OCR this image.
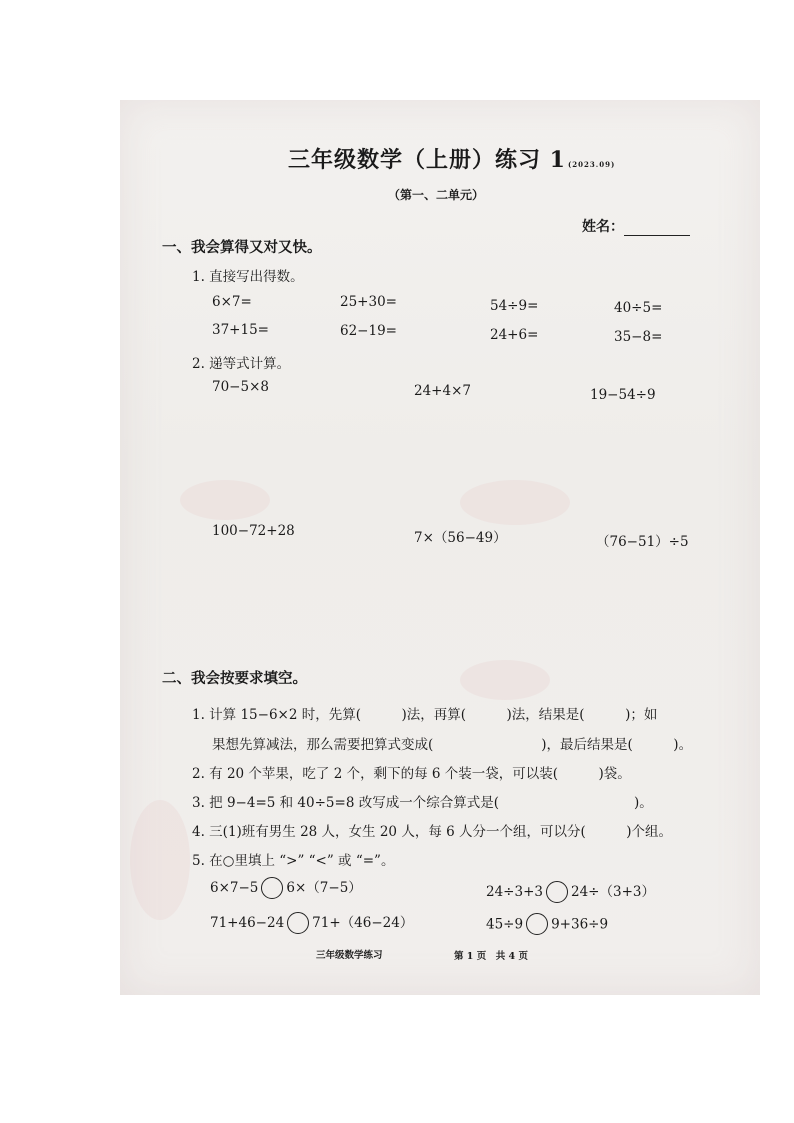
三年级数学（上册）练习 1 (2023.09)
（第一、二单元）
姓名：
一、我会算得又对又快。
1. 直接写出得数。
6×7=	25+30=	54÷9=	40÷5=
37+15=	62−19=	24+6=	35−8=
2. 递等式计算。
70−5×8	24+4×7	19−54÷9
100−72+28	7×（56−49）	（76−51）÷5
二、我会按要求填空。
1. 计算 15−6×2 时，先算(　　　)法，再算(　　　)法，结果是(　　　)；如
果想先算减法，那么需要把算式变成(　　　　　　　　)，最后结果是(　　　)。
2. 有 20 个苹果，吃了 2 个，剩下的每 6 个装一袋，可以装(　　　)袋。
3. 把 9−4=5 和 40÷5=8 改写成一个综合算式是(　　　　　　　　　　)。
4. 三(1)班有男生 28 人，女生 20 人，每 6 人分一个组，可以分(　　　)个组。
5. 在○里填上 “>” “<” 或 “=”。
6×7−5 6×（7−5）	24÷3+3 24÷（3+3）
71+46−24 71+（46−24）	45÷9 9+36÷9
三年级数学练习	第 1 页　共 4 页
